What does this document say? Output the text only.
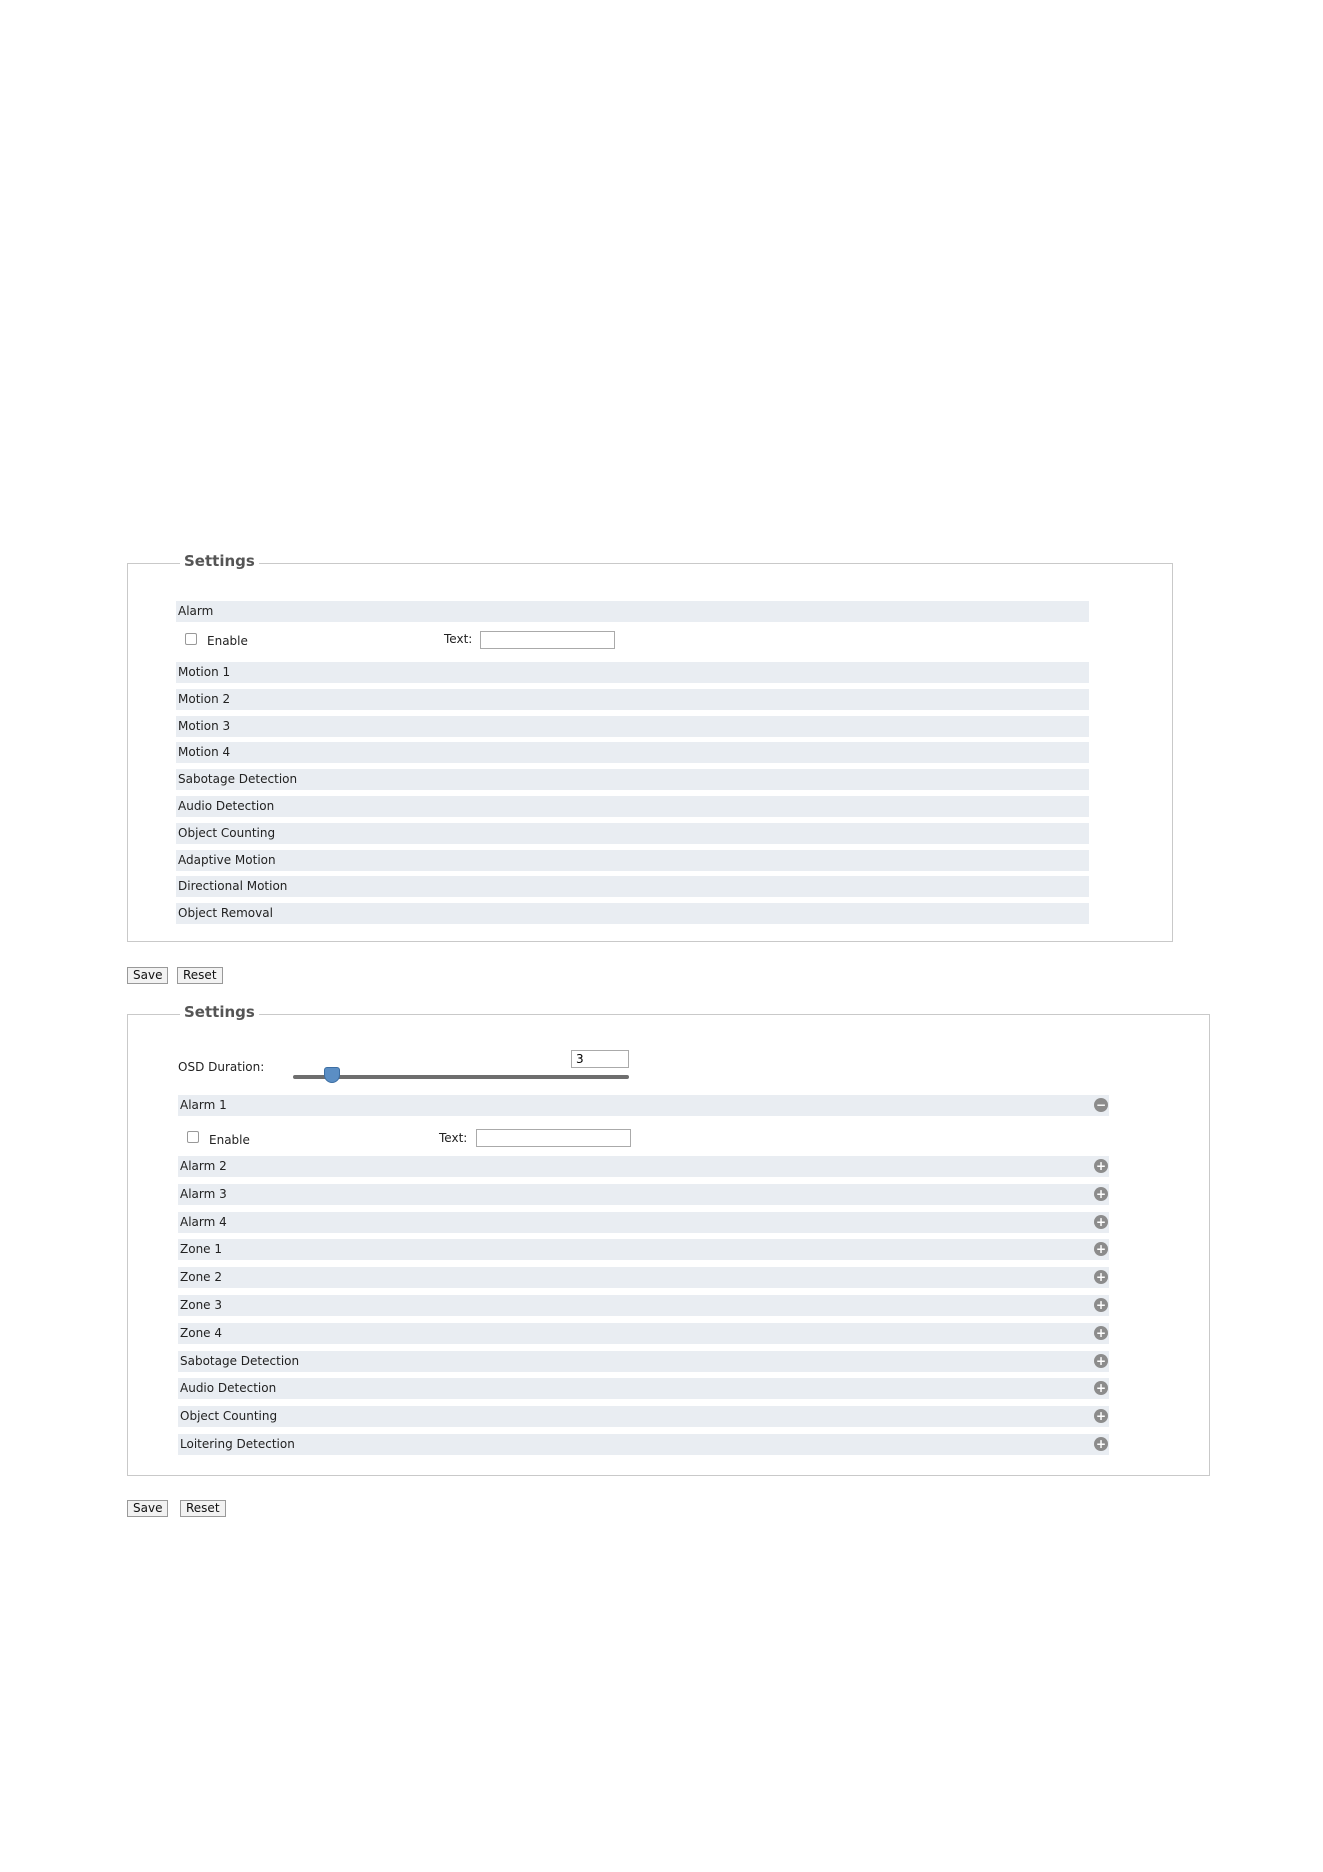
Settings
Alarm
Enable	Text:
Motion 1
Motion 2
Motion 3
Motion 4
Sabotage Detection
Audio Detection
Object Counting
Adaptive Motion
Directional Motion
Object Removal
Save	Reset
Settings
OSD Duration:
3
Alarm 1	−
Enable	Text:
Alarm 2	+
Alarm 3	+
Alarm 4	+
Zone 1	+
Zone 2	+
Zone 3	+
Zone 4	+
Sabotage Detection	+
Audio Detection	+
Object Counting	+
Loitering Detection	+
Save	Reset
